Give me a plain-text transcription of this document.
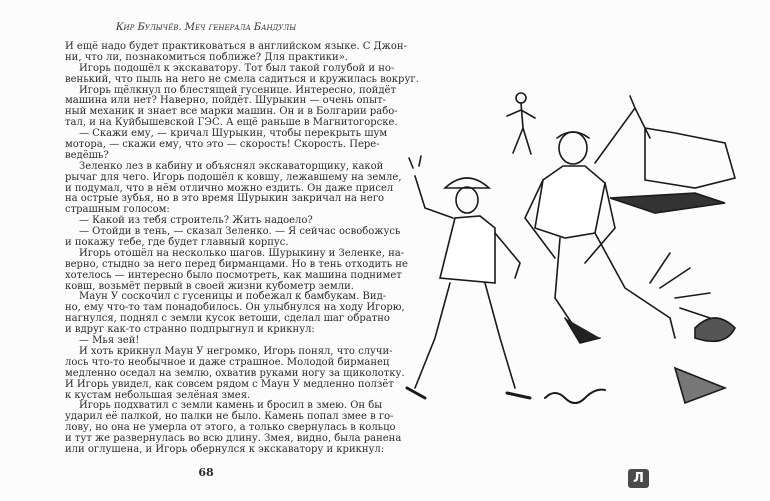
Кир Булычёв. Меч генерала Бандулы
И ещё надо будет практиковаться в английском языке. С Джон-
ни, что ли, познакомиться поближе? Для практики».
Игорь подошёл к экскаватору. Тот был такой голубой и но-
венький, что пыль на него не смела садиться и кружилась вокруг.
Игорь щёлкнул по блестящей гусенице. Интересно, пойдёт
машина или нет? Наверно, пойдёт. Шурыкин — очень опыт-
ный механик и знает все марки машин. Он и в Болгарии рабо-
тал, и на Куйбышевской ГЭС. А ещё раньше в Магнитогорске.
— Скажи ему, — кричал Шурыкин, чтобы перекрыть шум
мотора, — скажи ему, что это — скорость! Скорость. Пере-
ведёшь?
Зеленко лез в кабину и объяснял экскаваторщику, какой
рычаг для чего. Игорь подошёл к ковшу, лежавшему на земле,
и подумал, что в нём отлично можно ездить. Он даже присел
на острые зубья, но в это время Шурыкин закричал на него
страшным голосом:
— Какой из тебя строитель? Жить надоело?
— Отойди в тень, — сказал Зеленко. — Я сейчас освобожусь
и покажу тебе, где будет главный корпус.
Игорь отошёл на несколько шагов. Шурыкину и Зеленке, на-
верно, стыдно за него перед бирманцами. Но в тень отходить не
хотелось — интересно было посмотреть, как машина поднимет
ковш, возьмёт первый в своей жизни кубометр земли.
Маун У соскочил с гусеницы и побежал к бамбукам. Вид-
но, ему что-то там понадобилось. Он улыбнулся на ходу Игорю,
нагнулся, поднял с земли кусок ветоши, сделал шаг обратно
и вдруг как-то странно подпрыгнул и крикнул:
— Мья зей!
И хоть крикнул Маун У негромко, Игорь понял, что случи-
лось что-то необычное и даже страшное. Молодой бирманец
медленно оседал на землю, охватив руками ногу за щиколотку.
И Игорь увидел, как совсем рядом с Маун У медленно ползёт
к кустам небольшая зелёная змея.
Игорь подхватил с земли камень и бросил в змею. Он бы
ударил её палкой, но палки не было. Камень попал змее в го-
лову, но она не умерла от этого, а только свернулась в кольцо
и тут же развернулась во всю длину. Змея, видно, была ранена
или оглушена, и Игорь обернулся к экскаватору и крикнул:
68	Л
